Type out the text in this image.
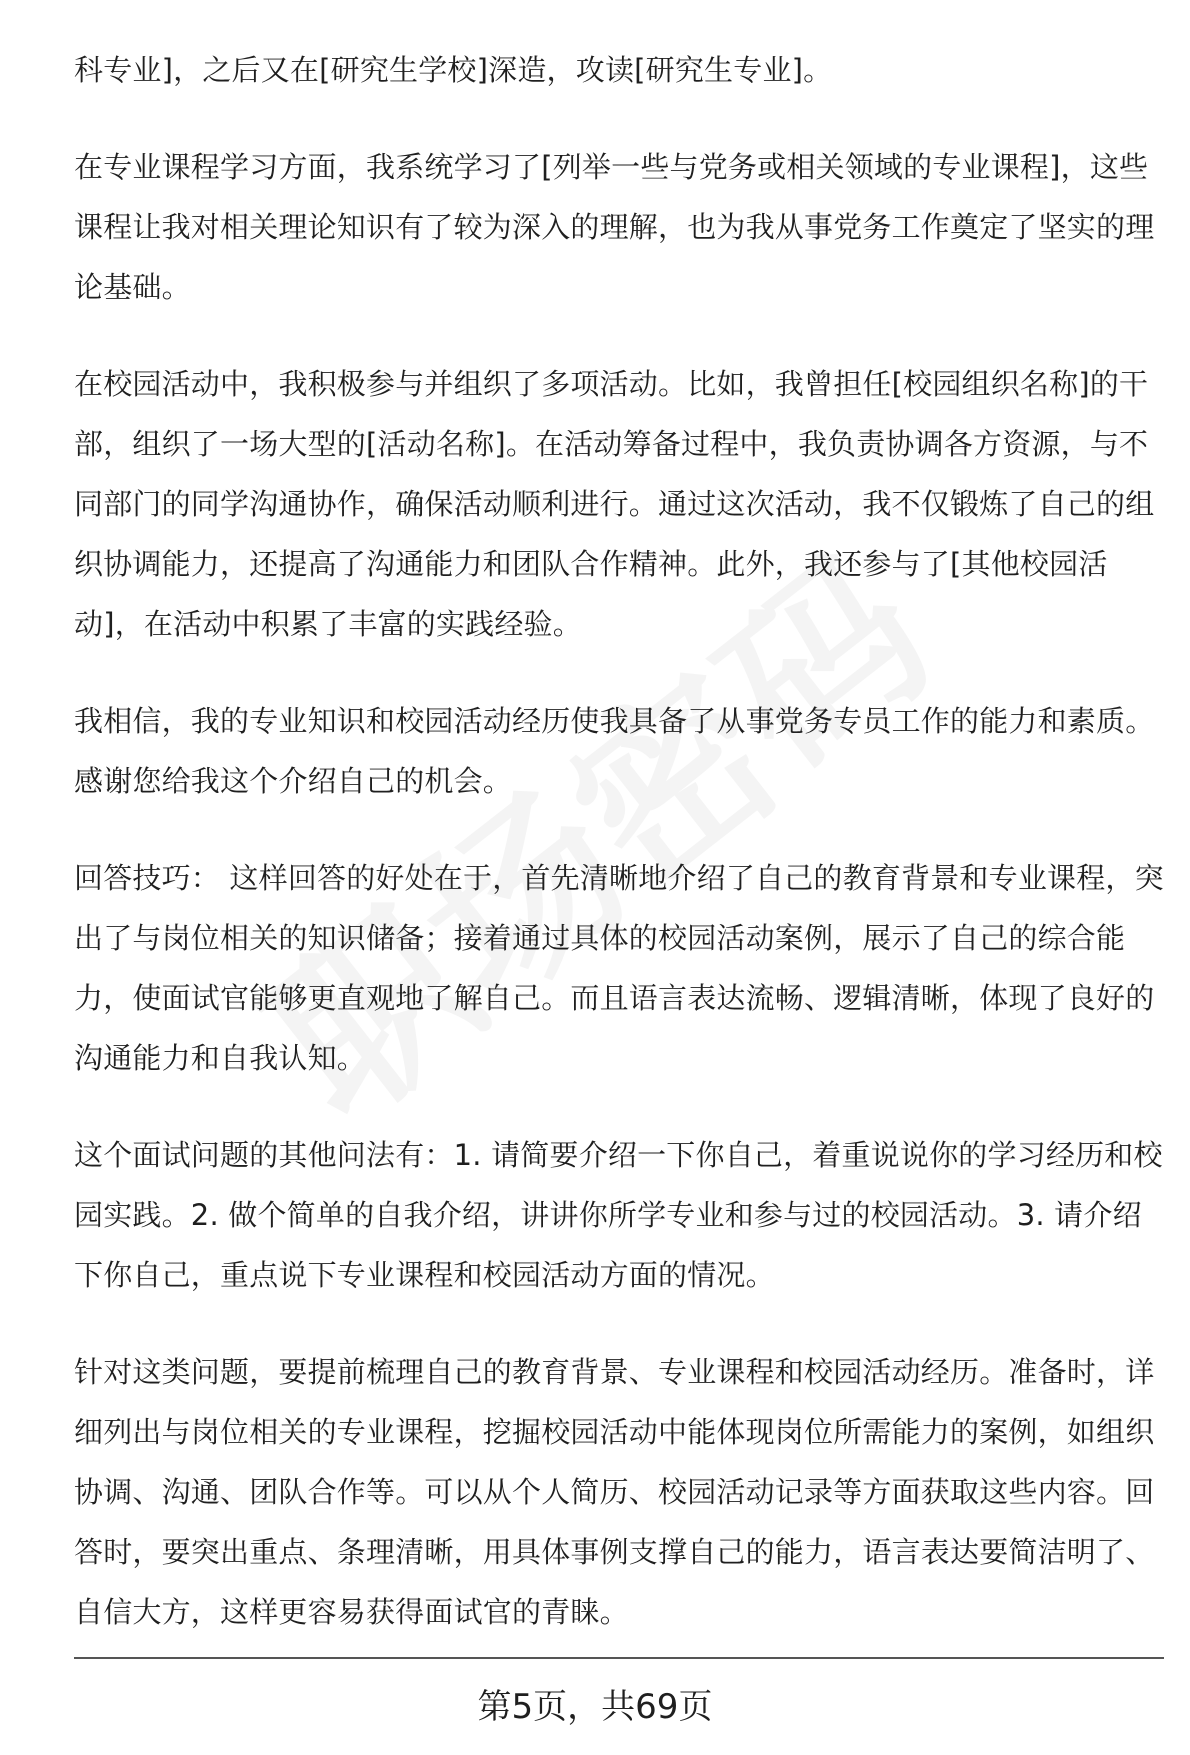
科专业]，之后又在[研究生学校]深造，攻读[研究生专业]。

在专业课程学习方面，我系统学习了[列举一些与党务或相关领域的专业课程]，这些课程让我对相关理论知识有了较为深入的理解，也为我从事党务工作奠定了坚实的理论基础。

在校园活动中，我积极参与并组织了多项活动。比如，我曾担任[校园组织名称]的干部，组织了一场大型的[活动名称]。在活动筹备过程中，我负责协调各方资源，与不同部门的同学沟通协作，确保活动顺利进行。通过这次活动，我不仅锻炼了自己的组织协调能力，还提高了沟通能力和团队合作精神。此外，我还参与了[其他校园活动]，在活动中积累了丰富的实践经验。

我相信，我的专业知识和校园活动经历使我具备了从事党务专员工作的能力和素质。感谢您给我这个介绍自己的机会。

回答技巧： 这样回答的好处在于，首先清晰地介绍了自己的教育背景和专业课程，突出了与岗位相关的知识储备；接着通过具体的校园活动案例，展示了自己的综合能力，使面试官能够更直观地了解自己。而且语言表达流畅、逻辑清晰，体现了良好的沟通能力和自我认知。

这个面试问题的其他问法有：1. 请简要介绍一下你自己，着重说说你的学习经历和校园实践。2. 做个简单的自我介绍，讲讲你所学专业和参与过的校园活动。3. 请介绍下你自己，重点说下专业课程和校园活动方面的情况。

针对这类问题，要提前梳理自己的教育背景、专业课程和校园活动经历。准备时，详细列出与岗位相关的专业课程，挖掘校园活动中能体现岗位所需能力的案例，如组织协调、沟通、团队合作等。可以从个人简历、校园活动记录等方面获取这些内容。回答时，要突出重点、条理清晰，用具体事例支撑自己的能力，语言表达要简洁明了、自信大方，这样更容易获得面试官的青睐。

第5页，共69页
